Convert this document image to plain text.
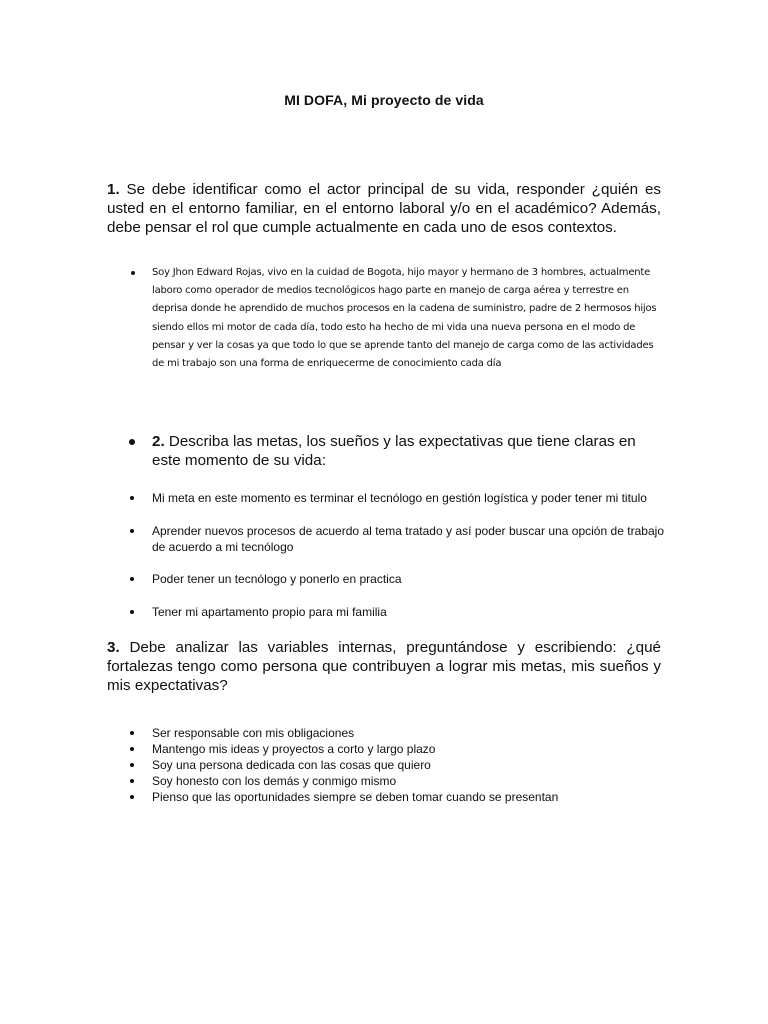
MI DOFA, Mi proyecto de vida

1. Se debe identificar como el actor principal de su vida, responder ¿quién es usted en el entorno familiar, en el entorno laboral y/o en el académico? Además, debe pensar el rol que cumple actualmente en cada uno de esos contextos.

Soy Jhon Edward Rojas, vivo en la cuidad de Bogota, hijo mayor y hermano de 3 hombres, actualmente laboro como operador de medios tecnológicos hago parte en manejo de carga aérea y terrestre en deprisa donde he aprendido de muchos procesos en la cadena de suministro, padre de 2 hermosos hijos siendo ellos mi motor de cada día, todo esto ha hecho de mi vida una nueva persona en el modo de pensar y ver la cosas ya que todo lo que se aprende tanto del manejo de carga como de las actividades de mi trabajo son una forma de enriquecerme de conocimiento cada día
2. Describa las metas, los sueños y las expectativas que tiene claras en este momento de su vida:
Mi meta en este momento es terminar el tecnólogo en gestión logística y poder tener mi titulo
Aprender nuevos procesos de acuerdo al tema tratado y así poder buscar una opción de trabajo de acuerdo a mi tecnólogo
Poder tener un tecnólogo y ponerlo en practica
Tener mi apartamento propio para mi familia

3. Debe analizar las variables internas, preguntándose y escribiendo: ¿qué fortalezas tengo como persona que contribuyen a lograr mis metas, mis sueños y mis expectativas?

Ser responsable con mis obligaciones
Mantengo mis ideas y proyectos a corto y largo plazo
Soy una persona dedicada con las cosas que quiero
Soy honesto con los demás y conmigo mismo
Pienso que las oportunidades siempre se deben tomar cuando se presentan
